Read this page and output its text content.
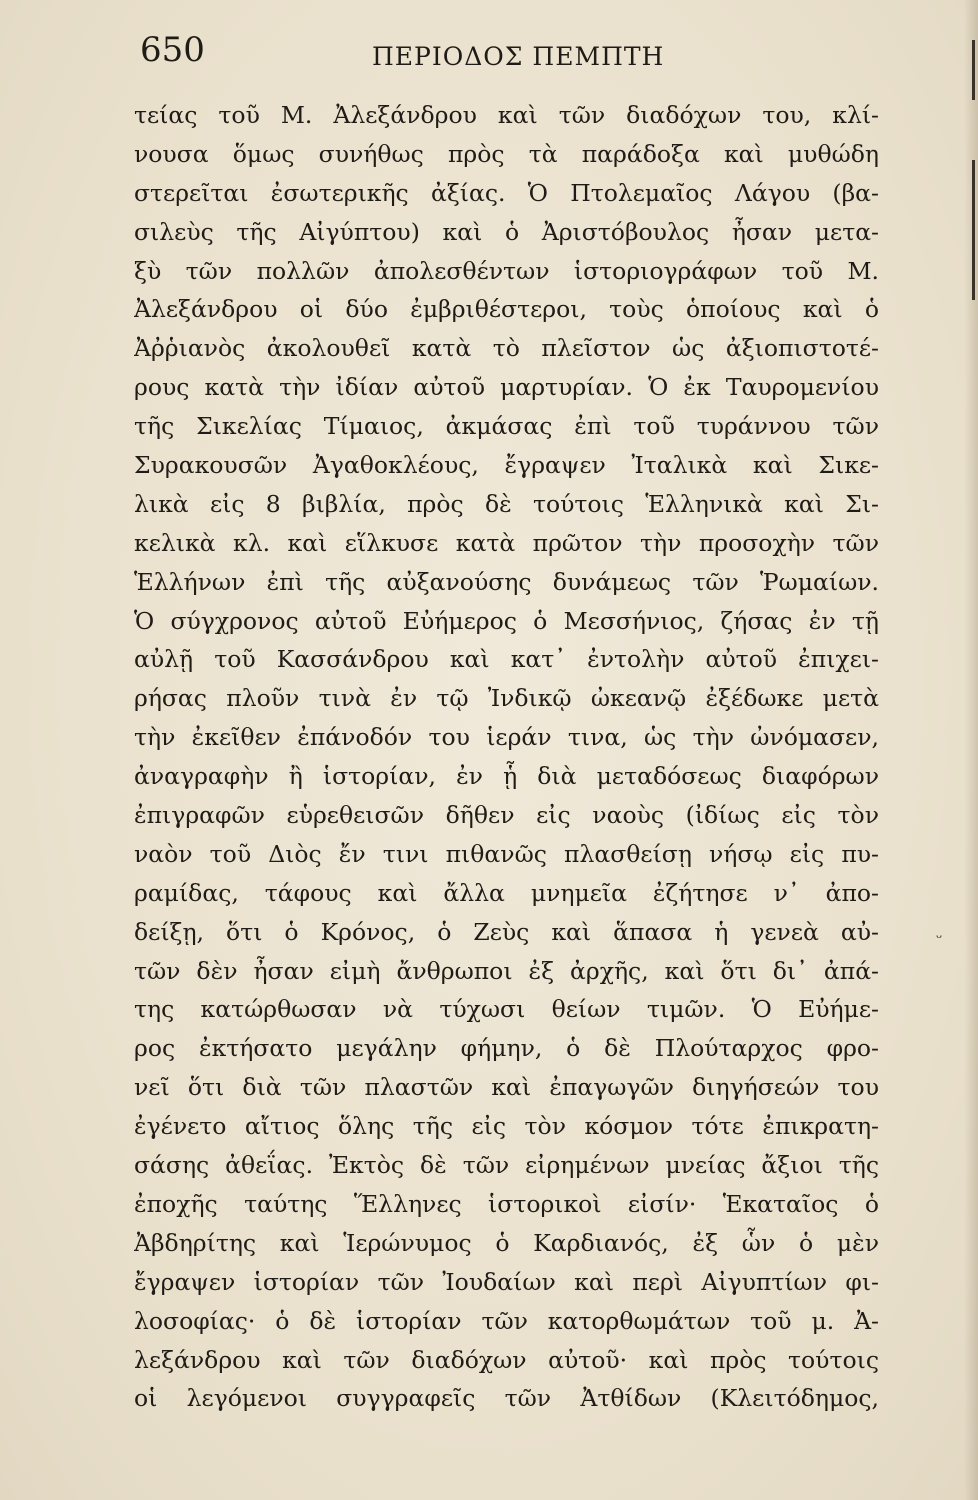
650	ΠΕΡΙΟΔΟΣ ΠΕΜΠΤΗ
τείας τοῦ Μ. Ἀλεξάνδρου καὶ τῶν διαδόχων του, κλί-
νουσα ὅμως συνήθως πρὸς τὰ παράδοξα καὶ μυθώδη
στερεῖται ἐσωτερικῆς ἀξίας. Ὁ Πτολεμαῖος Λάγου (βα-
σιλεὺς τῆς Αἰγύπτου) καὶ ὁ Ἀριστόβουλος ἦσαν μετα-
ξὺ τῶν πολλῶν ἀπολεσθέντων ἱστοριογράφων τοῦ Μ.
Ἀλεξάνδρου οἱ δύο ἐμβριθέστεροι, τοὺς ὁποίους καὶ ὁ
Ἀῤῥιανὸς ἀκολουθεῖ κατὰ τὸ πλεῖστον ὡς ἀξιοπιστοτέ-
ρους κατὰ τὴν ἰδίαν αὐτοῦ μαρτυρίαν. Ὁ ἐκ Ταυρομενίου
τῆς Σικελίας Τίμαιος, ἀκμάσας ἐπὶ τοῦ τυράννου τῶν
Συρακουσῶν Ἀγαθοκλέους, ἔγραψεν Ἰταλικὰ καὶ Σικε-
λικὰ εἰς 8 βιβλία, πρὸς δὲ τούτοις Ἑλληνικὰ καὶ Σι-
κελικὰ κλ. καὶ εἵλκυσε κατὰ πρῶτον τὴν προσοχὴν τῶν
Ἑλλήνων ἐπὶ τῆς αὐξανούσης δυνάμεως τῶν Ῥωμαίων.
Ὁ σύγχρονος αὐτοῦ Εὐήμερος ὁ Μεσσήνιος, ζήσας ἐν τῇ
αὐλῇ τοῦ Κασσάνδρου καὶ κατ᾽ ἐντολὴν αὐτοῦ ἐπιχει-
ρήσας πλοῦν τινὰ ἐν τῷ Ἰνδικῷ ὠκεανῷ ἐξέδωκε μετὰ
τὴν ἐκεῖθεν ἐπάνοδόν του ἱεράν τινα, ὡς τὴν ὠνόμασεν,
ἀναγραφὴν ἢ ἱστορίαν, ἐν ᾗ διὰ μεταδόσεως διαφόρων
ἐπιγραφῶν εὑρεθεισῶν δῆθεν εἰς ναοὺς (ἰδίως εἰς τὸν
ναὸν τοῦ Διὸς ἔν τινι πιθανῶς πλασθείσῃ νήσῳ εἰς πυ-
ραμίδας, τάφους καὶ ἄλλα μνημεῖα ἐζήτησε ν᾽ ἀπο-
δείξῃ, ὅτι ὁ Κρόνος, ὁ Ζεὺς καὶ ἅπασα ἡ γενεὰ αὐ-
τῶν δὲν ἦσαν εἰμὴ ἄνθρωποι ἐξ ἀρχῆς, καὶ ὅτι δι᾽ ἀπά-
της κατώρθωσαν νὰ τύχωσι θείων τιμῶν. Ὁ Εὐήμε-
ρος ἐκτήσατο μεγάλην φήμην, ὁ δὲ Πλούταρχος φρο-
νεῖ ὅτι διὰ τῶν πλαστῶν καὶ ἐπαγωγῶν διηγήσεών του
ἐγένετο αἴτιος ὅλης τῆς εἰς τὸν κόσμον τότε ἐπικρατη-
σάσης ἀθεΐας. Ἐκτὸς δὲ τῶν εἰρημένων μνείας ἄξιοι τῆς
ἐποχῆς ταύτης Ἕλληνες ἱστορικοὶ εἰσίν· Ἑκαταῖος ὁ
Ἀβδηρίτης καὶ Ἱερώνυμος ὁ Καρδιανός, ἐξ ὧν ὁ μὲν
ἔγραψεν ἱστορίαν τῶν Ἰουδαίων καὶ περὶ Αἰγυπτίων φι-
λοσοφίας· ὁ δὲ ἱστορίαν τῶν κατορθωμάτων τοῦ μ. Ἀ-
λεξάνδρου καὶ τῶν διαδόχων αὐτοῦ· καὶ πρὸς τούτοις
οἱ λεγόμενοι συγγραφεῖς τῶν Ἀτθίδων (Κλειτόδημος,
ᵕ
